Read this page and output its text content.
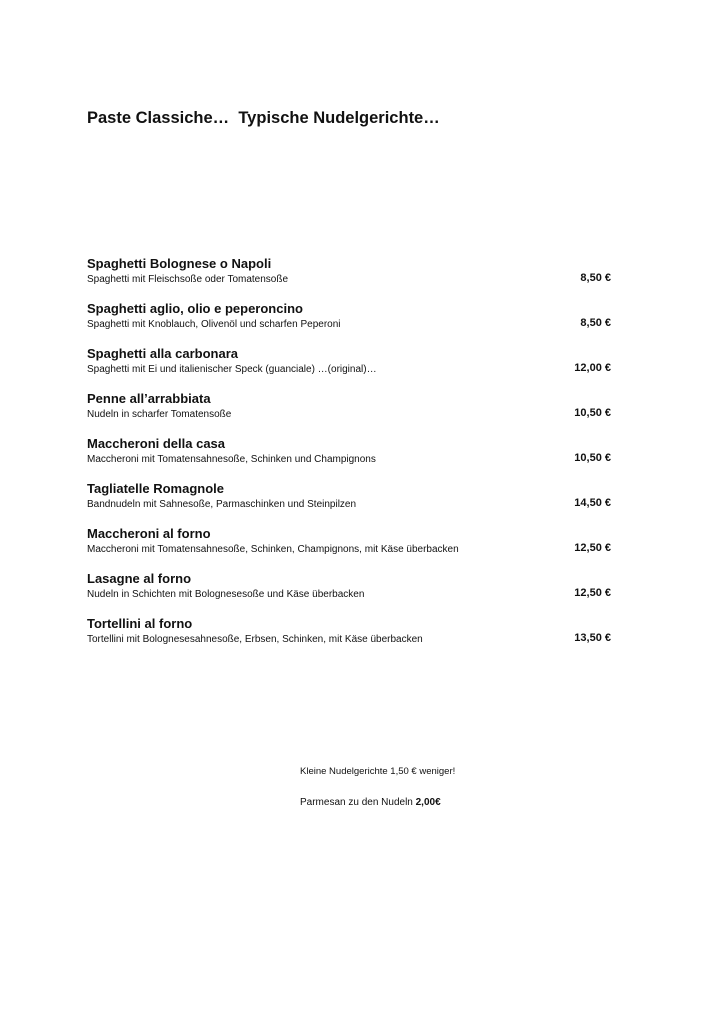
Paste Classiche…  Typische Nudelgerichte…
Spaghetti Bolognese o Napoli
Spaghetti mit Fleischsoße oder Tomatensoße	8,50 €
Spaghetti aglio, olio e peperoncino
Spaghetti mit Knoblauch, Olivenöl und scharfen Peperoni	8,50 €
Spaghetti alla carbonara
Spaghetti mit Ei und italienischer Speck (guanciale) …(original)…	12,00 €
Penne all’arrabbiata
Nudeln in scharfer Tomatensoße	10,50 €
Maccheroni della casa
Maccheroni mit Tomatensahnesoße, Schinken und Champignons	10,50 €
Tagliatelle Romagnole
Bandnudeln mit Sahnesoße, Parmaschinken und Steinpilzen	14,50 €
Maccheroni al forno
Maccheroni mit Tomatensahnesoße, Schinken, Champignons, mit Käse überbacken	12,50 €
Lasagne al forno
Nudeln in Schichten mit Bolognesesoße und Käse überbacken	12,50 €
Tortellini al forno
Tortellini mit Bolognesesahnesoße, Erbsen, Schinken, mit Käse überbacken	13,50 €
Kleine Nudelgerichte 1,50 € weniger!
Parmesan zu den Nudeln 2,00€
